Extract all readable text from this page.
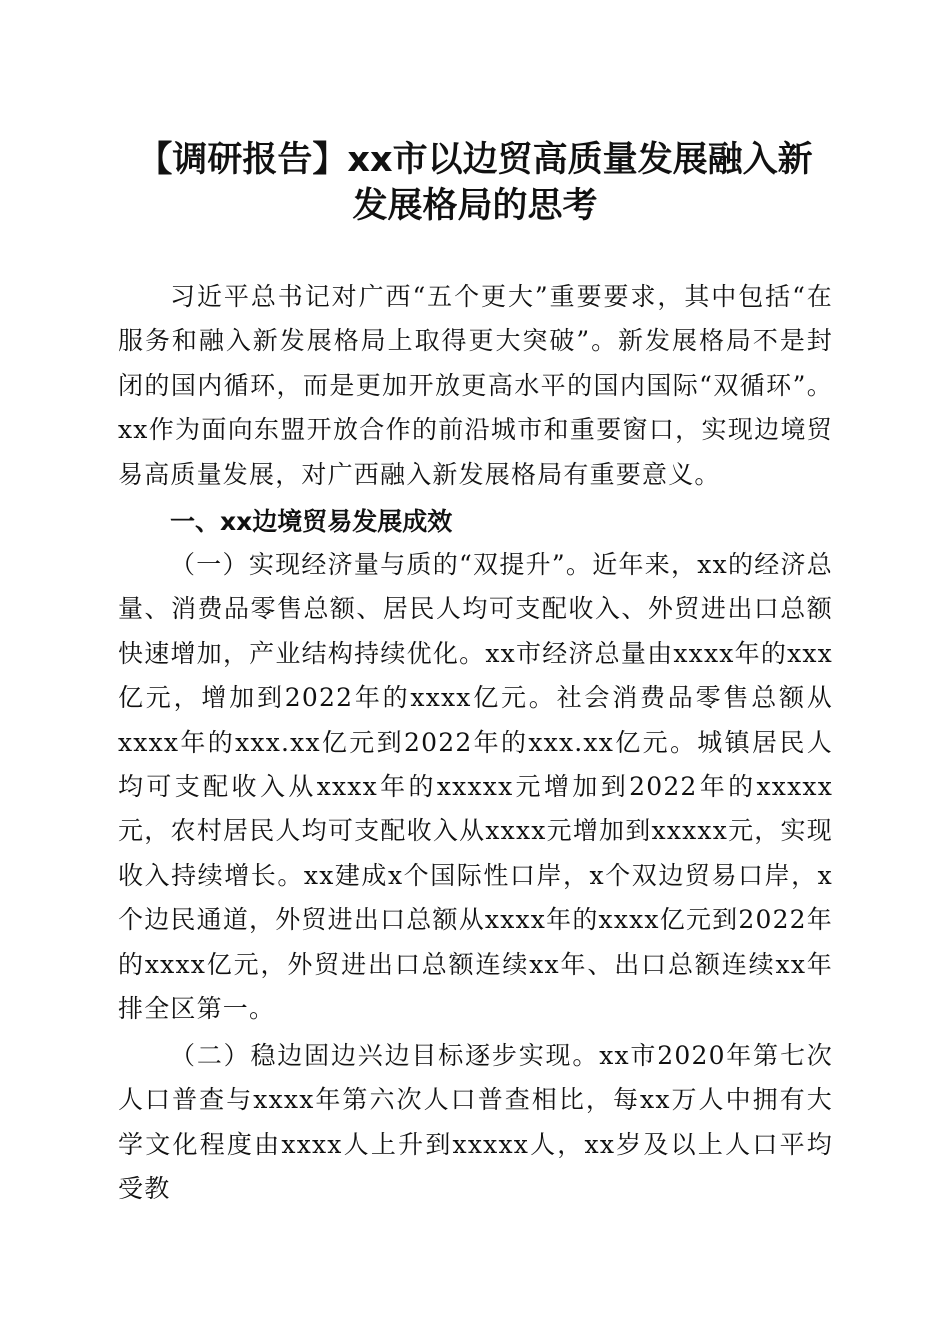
【调研报告】xx市以边贸高质量发展融入新
发展格局的思考
习近平总书记对广西“五个更大”重要要求，其中包括“在服务和融入新发展格局上取得更大突破”。新发展格局不是封闭的国内循环，而是更加开放更高水平的国内国际“双循环”。xx作为面向东盟开放合作的前沿城市和重要窗口，实现边境贸易高质量发展，对广西融入新发展格局有重要意义。
一、xx边境贸易发展成效
（一）实现经济量与质的“双提升”。近年来，xx的经济总量、消费品零售总额、居民人均可支配收入、外贸进出口总额快速增加，产业结构持续优化。xx市经济总量由xxxx年的xxx亿元，增加到2022年的xxxx亿元。社会消费品零售总额从xxxx年的xxx.xx亿元到2022年的xxx.xx亿元。城镇居民人均可支配收入从xxxx年的xxxxx元增加到2022年的xxxxx元，农村居民人均可支配收入从xxxx元增加到xxxxx元，实现收入持续增长。xx建成x个国际性口岸，x个双边贸易口岸，x个边民通道，外贸进出口总额从xxxx年的xxxx亿元到2022年的xxxx亿元，外贸进出口总额连续xx年、出口总额连续xx年排全区第一。
（二）稳边固边兴边目标逐步实现。xx市2020年第七次人口普查与xxxx年第六次人口普查相比，每xx万人中拥有大学文化程度由xxxx人上升到xxxxx人，xx岁及以上人口平均受教
